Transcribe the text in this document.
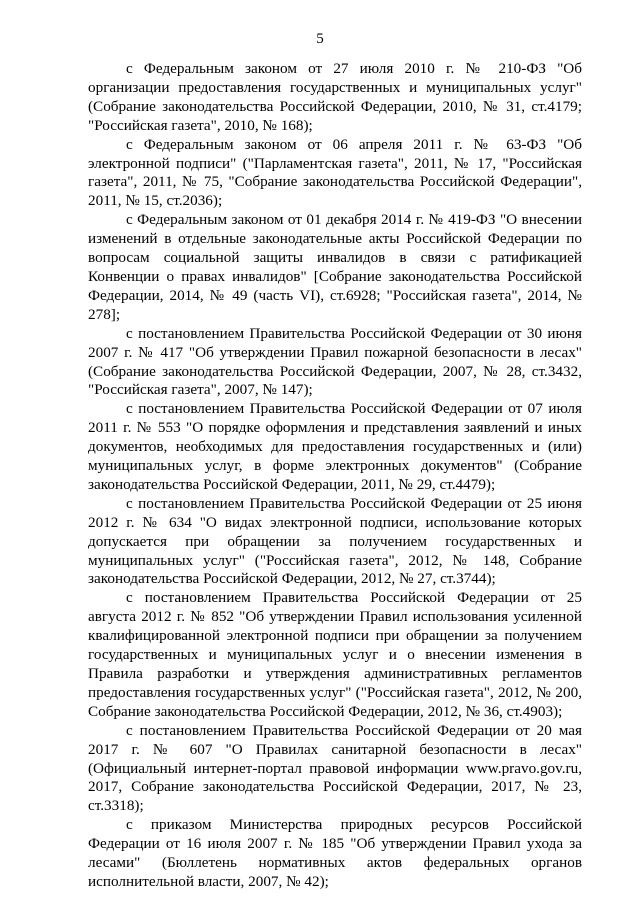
5

с Федеральным законом от 27 июля 2010 г. № 210-ФЗ "Об организации предоставления государственных и муниципальных услуг" (Собрание законодательства Российской Федерации, 2010, № 31, ст.4179; "Российская газета", 2010, № 168);

с Федеральным законом от 06 апреля 2011 г. № 63-ФЗ "Об электронной подписи" ("Парламентская газета", 2011, № 17, "Российская газета", 2011, № 75, "Собрание законодательства Российской Федерации", 2011, № 15, ст.2036);

с Федеральным законом от 01 декабря 2014 г. № 419-ФЗ "О внесении изменений в отдельные законодательные акты Российской Федерации по вопросам социальной защиты инвалидов в связи с ратификацией Конвенции о правах инвалидов" [Собрание законодательства Российской Федерации, 2014, № 49 (часть VI), ст.6928; "Российская газета", 2014, № 278];

с постановлением Правительства Российской Федерации от 30 июня 2007 г. № 417 "Об утверждении Правил пожарной безопасности в лесах" (Собрание законодательства Российской Федерации, 2007, № 28, ст.3432, "Российская газета", 2007, № 147);

с постановлением Правительства Российской Федерации от 07 июля 2011 г. № 553 "О порядке оформления и представления заявлений и иных документов, необходимых для предоставления государственных и (или) муниципальных услуг, в форме электронных документов" (Собрание законодательства Российской Федерации, 2011, № 29, ст.4479);

с постановлением Правительства Российской Федерации от 25 июня 2012 г. № 634 "О видах электронной подписи, использование которых допускается при обращении за получением государственных и муниципальных услуг" ("Российская газета", 2012, № 148, Собрание законодательства Российской Федерации, 2012, № 27, ст.3744);

с постановлением Правительства Российской Федерации от 25 августа 2012 г. № 852 "Об утверждении Правил использования усиленной квалифицированной электронной подписи при обращении за получением государственных и муниципальных услуг и о внесении изменения в Правила разработки и утверждения административных регламентов предоставления государственных услуг" ("Российская газета", 2012, № 200, Собрание законодательства Российской Федерации, 2012, № 36, ст.4903);

с постановлением Правительства Российской Федерации от 20 мая 2017 г. № 607 "О Правилах санитарной безопасности в лесах" (Официальный интернет-портал правовой информации www.pravo.gov.ru, 2017, Собрание законодательства Российской Федерации, 2017, № 23, ст.3318);

с приказом Министерства природных ресурсов Российской Федерации от 16 июля 2007 г. № 185 "Об утверждении Правил ухода за лесами" (Бюллетень нормативных актов федеральных органов исполнительной власти, 2007, № 42);
